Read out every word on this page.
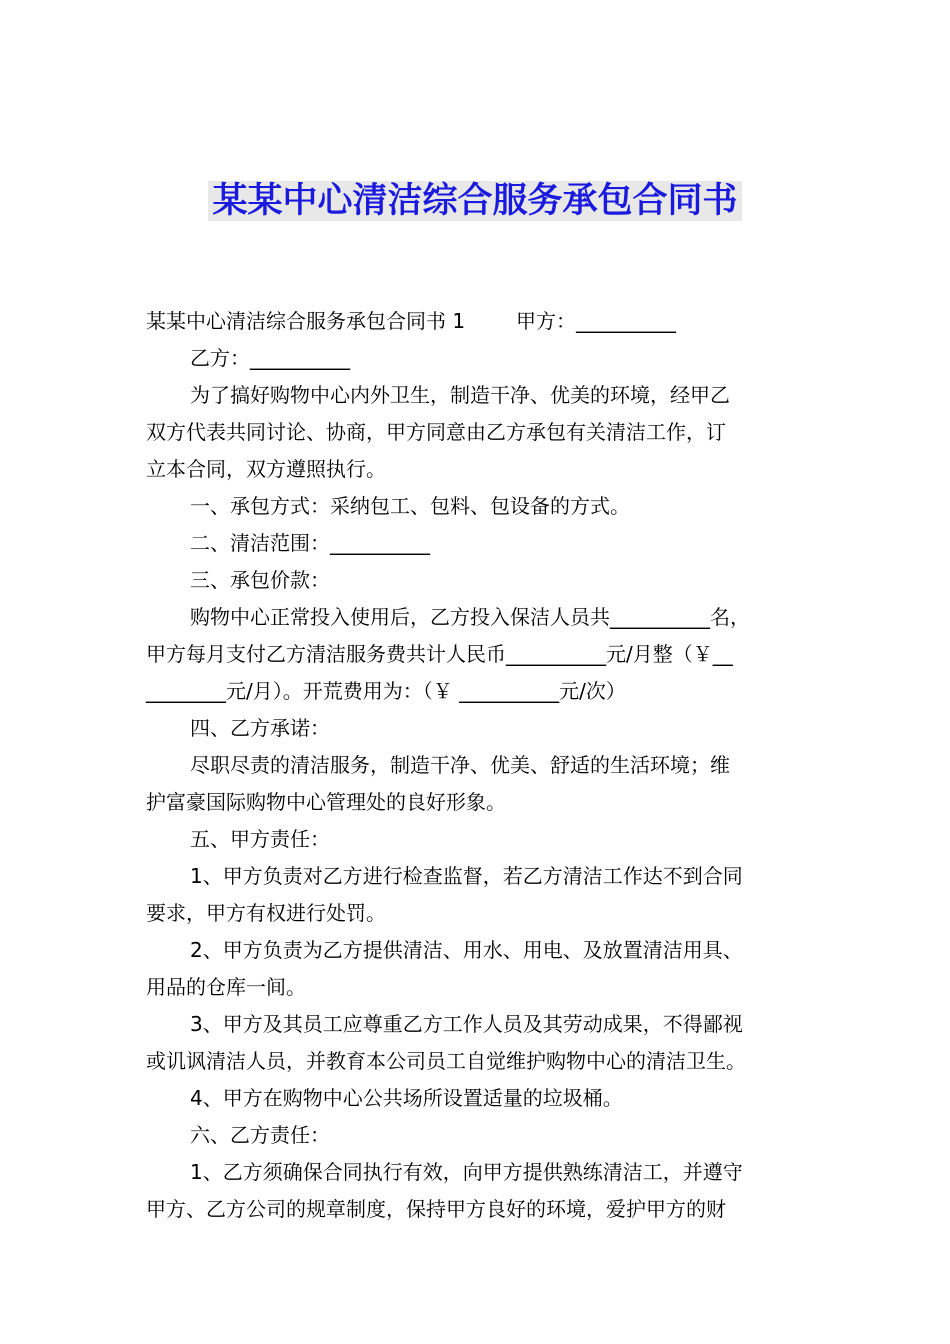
某某中心清洁综合服务承包合同书
某某中心清洁综合服务承包合同书 1        甲方：__________
乙方：__________
为了搞好购物中心内外卫生，制造干净、优美的环境，经甲乙
双方代表共同讨论、协商，甲方同意由乙方承包有关清洁工作，订
立本合同，双方遵照执行。
一、承包方式：采纳包工、包料、包设备的方式。
二、清洁范围：__________
三、承包价款：
购物中心正常投入使用后，乙方投入保洁人员共__________名，
甲方每月支付乙方清洁服务费共计人民币__________元/月整（￥__
________元/月）。开荒费用为：（￥ __________元/次）
四、乙方承诺：
尽职尽责的清洁服务，制造干净、优美、舒适的生活环境；维
护富豪国际购物中心管理处的良好形象。
五、甲方责任：
1、甲方负责对乙方进行检查监督，若乙方清洁工作达不到合同
要求，甲方有权进行处罚。
2、甲方负责为乙方提供清洁、用水、用电、及放置清洁用具、
用品的仓库一间。
3、甲方及其员工应尊重乙方工作人员及其劳动成果，不得鄙视
或讥讽清洁人员，并教育本公司员工自觉维护购物中心的清洁卫生。
4、甲方在购物中心公共场所设置适量的垃圾桶。
六、乙方责任：
1、乙方须确保合同执行有效，向甲方提供熟练清洁工，并遵守
甲方、乙方公司的规章制度，保持甲方良好的环境，爱护甲方的财
